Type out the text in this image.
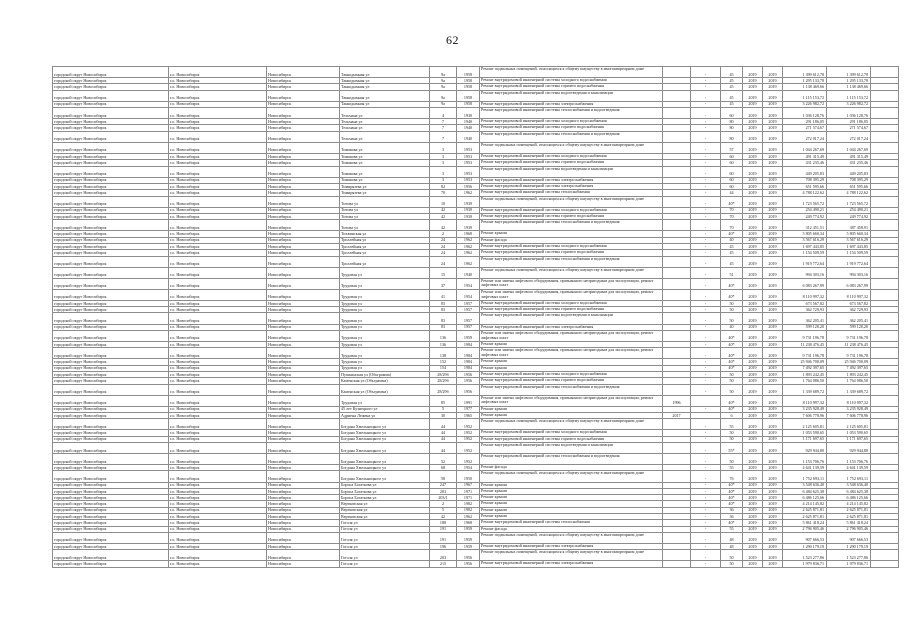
62
городской округ Новосибирск	г.о. Новосибирск	Новосибирск	Танкодымная ул	9а	1958	Ремонт подвальных помещений, относящихся к общему имуществу в многоквартирном доме		-	45	2019	2019	1 399 612,78	1 399 612,78	
городской округ Новосибирск	г.о. Новосибирск	Новосибирск	Танкодымная ул	9а	1958	Ремонт внутридомовой инженерной системы холодного водоснабжения		-	45	2019	2019	1 295 133,78	1 295 133,78	
городской округ Новосибирск	г.о. Новосибирск	Новосибирск	Танкодымная ул	9а	1958	Ремонт внутридомовой инженерной системы горячего водоснабжения		-	45	2019	2019	1 138 469,66	1 138 469,66	
городской округ Новосибирск	г.о. Новосибирск	Новосибирск	Танкодымная ул	9а	1958	Ремонт внутридомовой инженерной системы водоотведения и канализации		-	45	2019	2019	1 115 153,72	1 115 153,72	
городской округ Новосибирск	г.о. Новосибирск	Новосибирск	Танкодымная ул	9а	1958	Ремонт внутридомовой инженерной системы электроснабжения		-	45	2019	2019	3 226 982,72	3 226 982,72	
городской округ Новосибирск	г.о. Новосибирск	Новосибирск	Тельмана ул	4	1930	Ремонт внутридомовой инженерной системы теплоснабжения и водоотведения		-	60	2019	2019	1 036 128,76	1 036 128,76	
городской округ Новосибирск	г.о. Новосибирск	Новосибирск	Тельмана ул	7	1940	Ремонт внутридомовой инженерной системы холодного водоснабжения		-	80	2019	2019	291 186,05	291 186,05	
городской округ Новосибирск	г.о. Новосибирск	Новосибирск	Тельмана ул	7	1940	Ремонт внутридомовой инженерной системы горячего водоснабжения		-	80	2019	2019	271 574,67	271 574,67	
городской округ Новосибирск	г.о. Новосибирск	Новосибирск	Тельмана ул	7	1940	Ремонт внутридомовой инженерной системы теплоснабжения и водоотведения		-	80	2019	2019	272 017,24	272 017,24	
городской округ Новосибирск	г.о. Новосибирск	Новосибирск	Тимакова ул	3	1953	Ремонт подвальных помещений, относящихся к общему имуществу в многоквартирном доме		-	57	2019	2019	1 044 267,69	1 044 267,69	
городской округ Новосибирск	г.о. Новосибирск	Новосибирск	Тимакова ул	3	1953	Ремонт внутридомовой инженерной системы холодного водоснабжения		-	60	2019	2019	491 315,49	491 315,49	
городской округ Новосибирск	г.о. Новосибирск	Новосибирск	Тимакова ул	3	1953	Ремонт внутридомовой инженерной системы горячего водоснабжения		-	60	2019	2019	431 235,46	431 235,46	
городской округ Новосибирск	г.о. Новосибирск	Новосибирск	Тимакова ул	3	1953	Ремонт внутридомовой инженерной системы водоотведения и канализации		-	60	2019	2019	449 205,83	449 205,83	
городской округ Новосибирск	г.о. Новосибирск	Новосибирск	Тимакова ул	3	1953	Ремонт внутридомовой инженерной системы электроснабжения		-	60	2019	2019	708 395,29	708 395,29	
городской округ Новосибирск	г.о. Новосибирск	Новосибирск	Тимирязева ул	82	1956	Ремонт внутридомовой инженерной системы электроснабжения		-	60	2019	2019	651 595,66	651 595,66	
городской округ Новосибирск	г.о. Новосибирск	Новосибирск	Тимирязева ул	70	1962	Ремонт внутридомовой инженерной системы теплоснабжения		-	44	2019	2019	4 788 122,62	4 788 122,62	
городской округ Новосибирск	г.о. Новосибирск	Новосибирск	Титова ул	10	1939	Ремонт подвальных помещений, относящихся к общему имуществу в многоквартирном доме		-	40*	2019	2019	1 723 565,72	1 723 565,72	
городской округ Новосибирск	г.о. Новосибирск	Новосибирск	Титова ул	42	1939	Ремонт внутридомовой инженерной системы холодного водоснабжения		-	70	2019	2019	254 490,21	254 490,21	
городской округ Новосибирск	г.о. Новосибирск	Новосибирск	Титова ул	42	1939	Ремонт внутридомовой инженерной системы горячего водоснабжения		-	70	2019	2019	249 774,92	249 774,92	
городской округ Новосибирск	г.о. Новосибирск	Новосибирск	Титова ул	42	1939	Ремонт внутридомовой инженерной системы теплоснабжения и водоотведения		-	70	2019	2019	312 451,51	387 458,91	
городской округ Новосибирск	г.о. Новосибирск	Новосибирск	Тихвинская ул	2	1968	Ремонт крыши		-	40*	2019	2019	5 805 660,34	5 805 660,34	
городской округ Новосибирск	г.о. Новосибирск	Новосибирск	Троллейная ул	24	1962	Ремонт фасада		-	40	2019	2019	3 567 616,29	3 567 616,29	
городской округ Новосибирск	г.о. Новосибирск	Новосибирск	Троллейная ул	24	1962	Ремонт внутридомовой инженерной системы холодного водоснабжения		-	45	2019	2019	1 697 443,85	1 697 443,85	
городской округ Новосибирск	г.о. Новосибирск	Новосибирск	Троллейная ул	24	1962	Ремонт внутридомовой инженерной системы горячего водоснабжения		-	45	2019	2019	1 154 509,59	1 154 509,59	
городской округ Новосибирск	г.о. Новосибирск	Новосибирск	Троллейная ул	24	1962	Ремонт внутридомовой инженерной системы теплоснабжения и водоотведения		-	45	2019	2019	1 919 772,64	1 919 772,64	
городской округ Новосибирск	г.о. Новосибирск	Новосибирск	Трудовая ул	15	1940	Ремонт подвальных помещений, относящихся к общему имуществу в многоквартирном доме		-	51	2019	2019	994 303,16	994 303,16	
городской округ Новосибирск	г.о. Новосибирск	Новосибирск	Трудовая ул	37	1954	Ремонт или замена лифтового оборудования, признанного непригодным для эксплуатации, ремонт лифтовых шахт		-	40*	2019	2019	6 083 267,99	6 083 267,99	
городской округ Новосибирск	г.о. Новосибирск	Новосибирск	Трудовая ул	41	1954	Ремонт или замена лифтового оборудования, признанного непригодным для эксплуатации, ремонт лифтовых шахт		-	40*	2019	2019	8 110 997,32	8 110 997,32	
городской округ Новосибирск	г.о. Новосибирск	Новосибирск	Трудовая ул	83	1957	Ремонт внутридомовой инженерной системы холодного водоснабжения		-	50	2019	2019	673 567,82	673 567,82	
городской округ Новосибирск	г.о. Новосибирск	Новосибирск	Трудовая ул	83	1957	Ремонт внутридомовой инженерной системы горячего водоснабжения		-	50	2019	2019	362 729,93	362 729,93	
городской округ Новосибирск	г.о. Новосибирск	Новосибирск	Трудовая ул	83	1957	Ремонт внутридомовой инженерной системы водоотведения и канализации		-	50	2019	2019	362 205,41	362 205,41	
городской округ Новосибирск	г.о. Новосибирск	Новосибирск	Трудовая ул	83	1957	Ремонт внутридомовой инженерной системы электроснабжения		-	40	2019	2019	599 120,20	599 120,20	
городской округ Новосибирск	г.о. Новосибирск	Новосибирск	Трудовая ул	136	1959	Ремонт или замена лифтового оборудования, признанного непригодным для эксплуатации, ремонт лифтовых шахт		-	40*	2019	2019	9 731 196,78	9 731 196,78	
городской округ Новосибирск	г.о. Новосибирск	Новосибирск	Трудовая ул	136	1984	Ремонт крыши		-	40*	2019	2019	11 238 476,45	11 238 476,45	
городской округ Новосибирск	г.о. Новосибирск	Новосибирск	Трудовая ул	138	1984	Ремонт или замена лифтового оборудования, признанного непригодным для эксплуатации, ремонт лифтовых шахт		-	40*	2019	2019	9 731 196,78	9 731 196,78	
городской округ Новосибирск	г.о. Новосибирск	Новосибирск	Трудовая ул	152	1984	Ремонт крыши		-	40*	2019	2019	25 946 700,09	25 946 700,09	
городской округ Новосибирск	г.о. Новосибирск	Новосибирск	Трудовая ул	154	1984	Ремонт крыши		-	40*	2019	2019	7 492 397,65	7 492 397,65	
городской округ Новосибирск	г.о. Новосибирск	Новосибирск	Пушкинская ул (Обьграмма)	28/29б	1956	Ремонт внутридомовой инженерной системы холодного водоснабжения		-	50	2019	2019	1 893 242,45	1 893 242,45	
городской округ Новосибирск	г.о. Новосибирск	Новосибирск	Каменская ул (Обьграмма)	28/29б	1956	Ремонт внутридомовой инженерной системы горячего водоснабжения		-	50	2019	2019	1 764 086,50	1 764 086,50	
городской округ Новосибирск	г.о. Новосибирск	Новосибирск	Каменская ул (Обьграмма)	28/29б	1956	Ремонт внутридомовой инженерной системы теплоснабжения и водоотведения		-	50	2019	2019	1 339 689,72	1 339 689,72	
городской округ Новосибирск	г.о. Новосибирск	Новосибирск	Трудовая ул	85	1991	Ремонт или замена лифтового оборудования, признанного непригодным для эксплуатации, ремонт лифтовых шахт	1996		40*	2019	2019	8 110 997,32	8 110 997,32	
городской округ Новосибирск	г.о. Новосибирск	Новосибирск	45 лет Кузнецкого ул	5	1977	Ремонт крыши		-	40*	2019	2019	3 235 928,49	3 235 928,49	
городской округ Новосибирск	г.о. Новосибирск	Новосибирск	Адриена Лежена ул	30	1965	Ремонт крыши	2017		6	2019	2019	7 606 778,96	7 606 778,96	
городской округ Новосибирск	г.о. Новосибирск	Новосибирск	Богдана Хмельницкого ул	44	1952	Ремонт подвальных помещений, относящихся к общему имуществу в многоквартирном доме		-	55	2019	2019	2 125 605,81	2 125 605,81	
городской округ Новосибирск	г.о. Новосибирск	Новосибирск	Богдана Хмельницкого ул	44	1952	Ремонт внутридомовой инженерной системы холодного водоснабжения		-	50	2019	2019	1 053 590,65	1 053 590,65	
городской округ Новосибирск	г.о. Новосибирск	Новосибирск	Богдана Хмельницкого ул	44	1952	Ремонт внутридомовой инженерной системы горячего водоснабжения		-	50	2019	2019	1 171 697,65	1 171 697,65	
городской округ Новосибирск	г.о. Новосибирск	Новосибирск	Богдана Хмельницкого ул	44	1952	Ремонт внутридомовой инженерной системы водоотведения и канализации		-	55*	2019	2019	929 944,80	929 944,80	
городской округ Новосибирск	г.о. Новосибирск	Новосибирск	Богдана Хмельницкого ул	52	1952	Ремонт внутридомовой инженерной системы теплоснабжения и водоотведения		-	50	2019	2019	1 153 706,76	1 153 706,76	
городской округ Новосибирск	г.о. Новосибирск	Новосибирск	Богдана Хмельницкого ул	68	1954	Ремонт фасада		-	55	2019	2019	4 641 139,59	4 641 139,59	
городской округ Новосибирск	г.о. Новосибирск	Новосибирск	Богдана Хмельницкого ул	58	1950	Ремонт подвальных помещений, относящихся к общему имуществу в многоквартирном доме		-	76	2019	2019	1 752 693,11	1 752 693,11	
городской округ Новосибирск	г.о. Новосибирск	Новосибирск	Бориса Богаткова ул	247	1967	Ремонт крыши		-	40*	2019	2019	3 548 636,40	3 548 636,40	
городской округ Новосибирск	г.о. Новосибирск	Новосибирск	Бориса Богаткова ул	203	1971	Ремонт крыши		-	40*	2019	2019	6 484 625,38	6 484 625,38	
городской округ Новосибирск	г.о. Новосибирск	Новосибирск	Бориса Богаткова ул	203/1	1971	Ремонт крыши		-	40*	2019	2019	6 486 125,66	6 486 125,66	
городской округ Новосибирск	г.о. Новосибирск	Новосибирск	Вертковская ул	2	1982	Ремонт крыши		-	40*	2019	2019	4 214 145,82	4 214 145,82	
городской округ Новосибирск	г.о. Новосибирск	Новосибирск	Вертковская ул	5	1982	Ремонт крыши		-	36	2019	2019	2 625 871,81	2 625 871,81	
городской округ Новосибирск	г.о. Новосибирск	Новосибирск	Вертковская ул	42	1962	Ремонт крыши		-	36	2019	2019	2 625 871,81	2 625 871,81	
городской округ Новосибирск	г.о. Новосибирск	Новосибирск	Гоголя ул	188	1968	Ремонт внутридомовой инженерной системы теплоснабжения		-	40*	2019	2019	5 861 418,24	5 861 418,24	
городской округ Новосибирск	г.о. Новосибирск	Новосибирск	Гоголя ул	191	1959	Ремонт фасада		-	55	2019	2019	2 796 905,46	2 796 905,46	
городской округ Новосибирск	г.о. Новосибирск	Новосибирск	Гоголя ул	191	1959	Ремонт подвальных помещений, относящихся к общему имуществу в многоквартирном доме		-	48	2019	2019	907 666,53	907 666,53	
городской округ Новосибирск	г.о. Новосибирск	Новосибирск	Гоголя ул	196	1959	Ремонт внутридомовой инженерной системы электроснабжения		-	48	2019	2019	1 290 179,19	1 290 179,19	
городской округ Новосибирск	г.о. Новосибирск	Новосибирск	Гоголя ул	203	1956	Ремонт подвальных помещений, относящихся к общему имуществу в многоквартирном доме		-	50	2019	2019	1 523 277,86	1 523 277,86	
городской округ Новосибирск	г.о. Новосибирск	Новосибирск	Гоголя ул	215	1956	Ремонт внутридомовой инженерной системы электроснабжения		-	50	2019	2019	1 979 836,71	1 979 836,71	
